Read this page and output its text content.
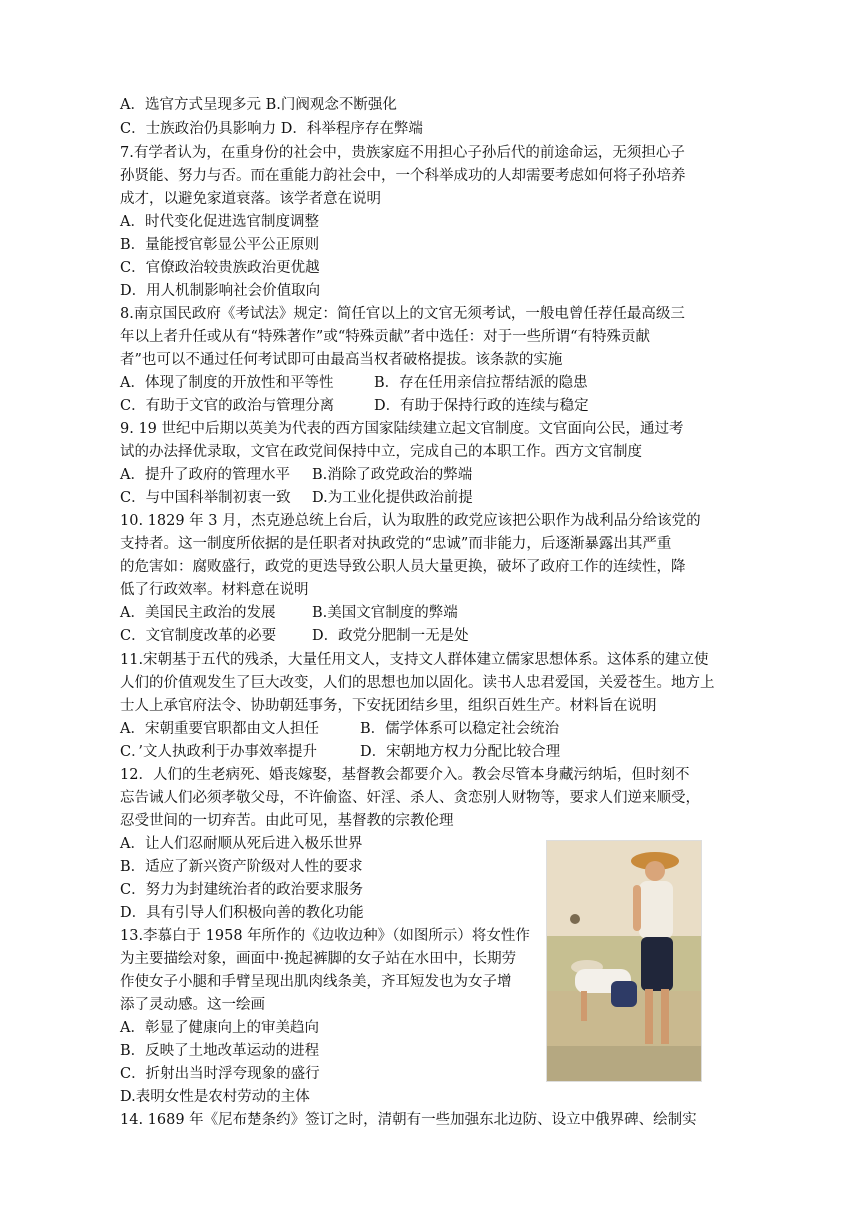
A．选官方式呈现多元 B.门阀观念不断强化
C．士族政治仍具影响力 D．科举程序存在弊端
7.有学者认为，在重身份的社会中，贵族家庭不用担心子孙后代的前途命运，无须担心子
孙贤能、努力与否。而在重能力韵社会中，一个科举成功的人却需要考虑如何将子孙培养
成才，以避免家道衰落。该学者意在说明
A．时代变化促进选官制度调整
B．量能授官彰显公平公正原则
C．官僚政治较贵族政治更优越
D．用人机制影响社会价值取向
8.南京国民政府《考试法》规定：简任官以上的文官无须考试，一般电曾任荐任最高级三
年以上者升任或从有“特殊著作”或“特殊贡献”者中选任：对于一些所谓“有特殊贡献
者”也可以不通过任何考试即可由最高当权者破格提拔。该条款的实施
A．体现了制度的开放性和平等性	B．存在任用亲信拉帮结派的隐患
C．有助于文官的政治与管理分离	D．有助于保持行政的连续与稳定
9. 19 世纪中后期以英美为代表的西方国家陆续建立起文官制度。文官面向公民，通过考
试的办法择优录取，文官在政党间保持中立，完成自己的本职工作。西方文官制度
A．提升了政府的管理水平 B.消除了政党政治的弊端
C．与中国科举制初衷一致 D.为工业化提供政治前提
10. 1829 年 3 月，杰克逊总统上台后，认为取胜的政党应该把公职作为战利品分给该党的
支持者。这一制度所依据的是任职者对执政党的“忠诚”而非能力，后逐渐暴露出其严重
的危害如：腐败盛行，政党的更迭导致公职人员大量更换，破坏了政府工作的连续性，降
低了行政效率。材料意在说明
A．美国民主政治的发展	B.美国文官制度的弊端
C．文官制度改革的必要 D．政党分肥制一无是处
11.宋朝基于五代的残杀，大量任用文人，支持文人群体建立儒家思想体系。这体系的建立使
人们的价值观发生了巨大改变，人们的思想也加以固化。读书人忠君爱国，关爱苍生。地方上
士人上承官府法令、协助朝廷事务，下安抚团结乡里，组织百姓生产。材料旨在说明
A．宋朝重要官职都由文人担任	B．儒学体系可以稳定社会统治
C．’文人执政利于办事效率提升	D．宋朝地方权力分配比较合理
12．人们的生老病死、婚丧嫁娶，基督教会都要介入。教会尽管本身藏污纳垢，但时刻不
忘告诫人们必须孝敬父母，不许偷盗、奸淫、杀人、贪恋别人财物等，要求人们逆来顺受，
忍受世间的一切弃苦。由此可见，基督教的宗教伦理
A．让人们忍耐顺从死后进入极乐世界
B．适应了新兴资产阶级对人性的要求
C．努力为封建统治者的政治要求服务
D．具有引导人们积极向善的教化功能
13.李慕白于 1958 年所作的《边收边种》（如图所示）将女性作
为主要描绘对象，画面中·挽起裤脚的女子站在水田中，长期劳
作使女子小腿和手臂呈现出肌肉线条美，齐耳短发也为女子增
添了灵动感。这一绘画
A．彰显了健康向上的审美趋向
B．反映了土地改革运动的进程
C．折射出当时浮夸现象的盛行
D.表明女性是农村劳动的主体
14. 1689 年《尼布楚条约》签订之时，清朝有一些加强东北边防、设立中俄界碑、绘制实
